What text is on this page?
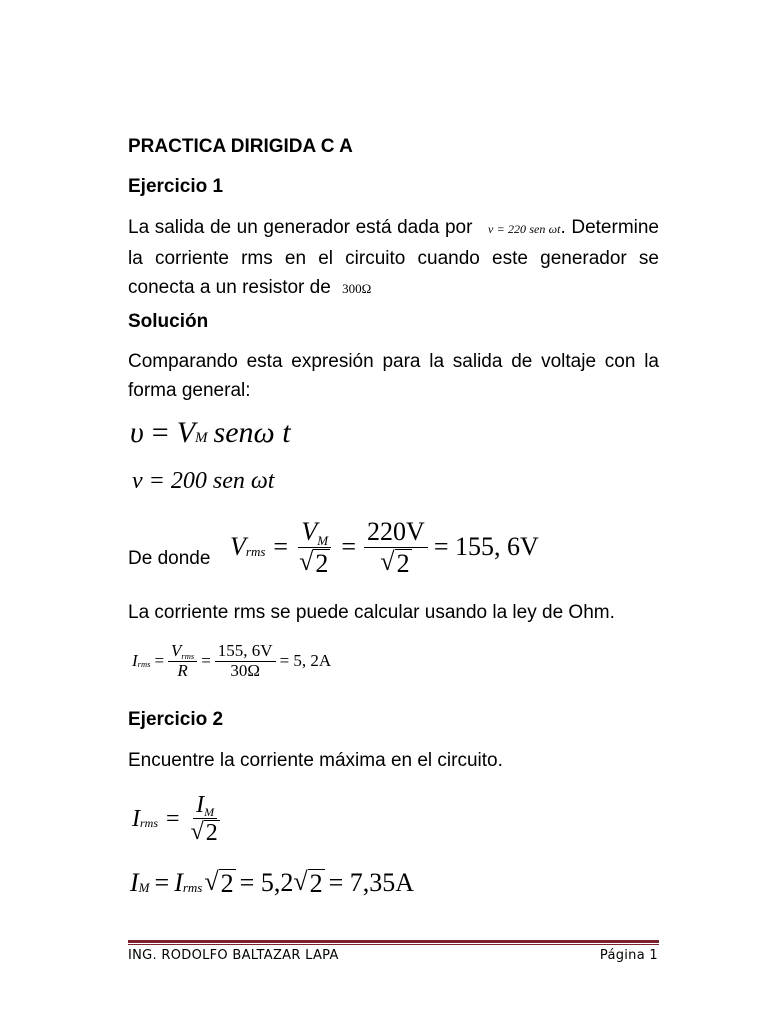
PRACTICA DIRIGIDA C A
Ejercicio 1
La salida de un generador está dada por v = 220 sen ωt. Determine la corriente rms en el circuito cuando este generador se conecta a un resistor de 300Ω
Solución
Comparando esta expresión para la salida de voltaje con la forma general:
υ = V M senω t
v = 200 sen ωt
De donde V rms = $\frac{VM}{√ 2} = \frac{220V}{√ 2} = 155$, 6V
La corriente rms se puede calcular usando la ley de Ohm.
I rms = $\frac{\text{Vrms}}{R} = \frac{155, 6V}{30\Omega} = 5$, 2A
Ejercicio 2
Encuentre la corriente máxima en el circuito.
I rms = $\frac{IM}{√ 2}$
I M = I rms √ 2 = 5,2 √ 2 = 7,35A
ING. RODOLFO BALTAZAR LAPA	Página 1
